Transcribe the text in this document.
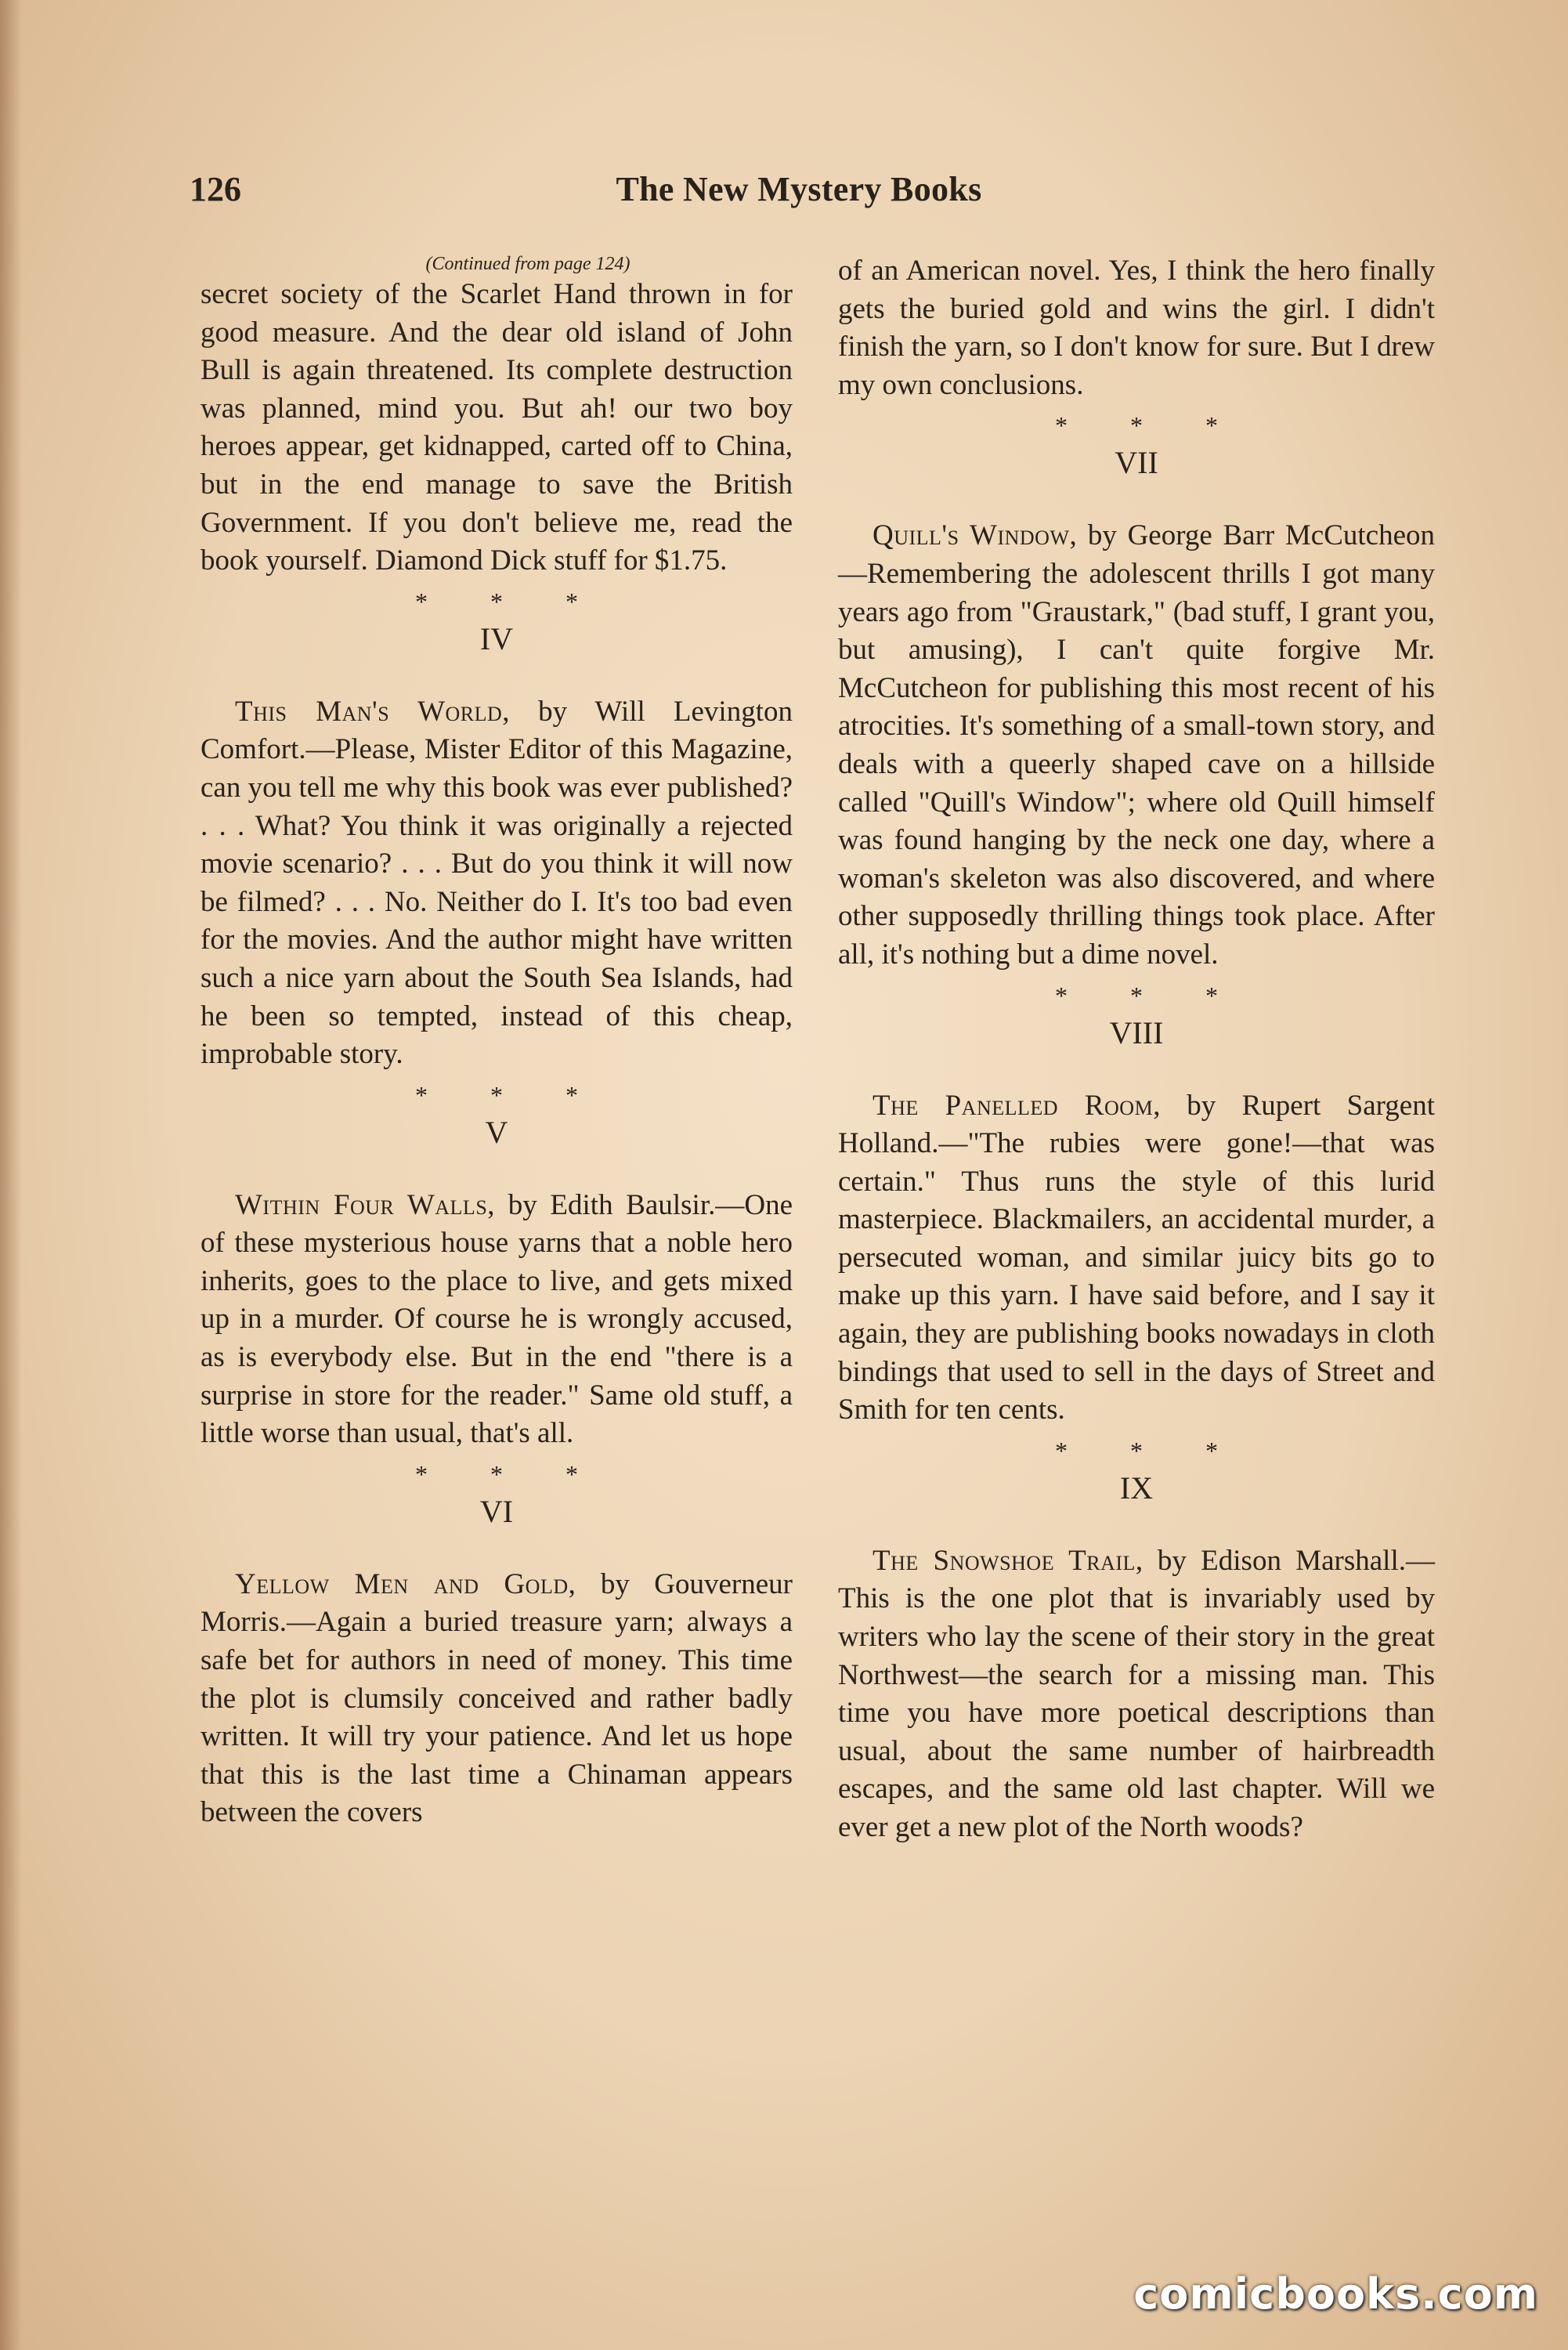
126	The New Mystery Books
(Continued from page 124)

secret society of the Scarlet Hand thrown in for good measure. And the dear old island of John Bull is again threatened. Its complete destruction was planned, mind you. But ah! our two boy heroes appear, get kidnapped, carted off to China, but in the end manage to save the British Government. If you don't believe me, read the book yourself. Diamond Dick stuff for $1.75.

* * *
IV

This Man's World, by Will Levington Comfort.—Please, Mister Editor of this Magazine, can you tell me why this book was ever published? . . . What? You think it was originally a rejected movie scenario? . . . But do you think it will now be filmed? . . . No. Neither do I. It's too bad even for the movies. And the author might have written such a nice yarn about the South Sea Islands, had he been so tempted, instead of this cheap, improbable story.

* * *
V

Within Four Walls, by Edith Baulsir.—One of these mysterious house yarns that a noble hero inherits, goes to the place to live, and gets mixed up in a murder. Of course he is wrongly accused, as is everybody else. But in the end "there is a surprise in store for the reader." Same old stuff, a little worse than usual, that's all.

* * *
VI

Yellow Men and Gold, by Gouverneur Morris.—Again a buried treasure yarn; always a safe bet for authors in need of money. This time the plot is clumsily conceived and rather badly written. It will try your patience. And let us hope that this is the last time a Chinaman appears between the covers

of an American novel. Yes, I think the hero finally gets the buried gold and wins the girl. I didn't finish the yarn, so I don't know for sure. But I drew my own conclusions.

* * *
VII

Quill's Window, by George Barr McCutcheon—Remembering the adolescent thrills I got many years ago from "Graustark," (bad stuff, I grant you, but amusing), I can't quite forgive Mr. McCutcheon for publishing this most recent of his atrocities. It's something of a small-town story, and deals with a queerly shaped cave on a hillside called "Quill's Window"; where old Quill himself was found hanging by the neck one day, where a woman's skeleton was also discovered, and where other supposedly thrilling things took place. After all, it's nothing but a dime novel.

* * *
VIII

The Panelled Room, by Rupert Sargent Holland.—"The rubies were gone!—that was certain." Thus runs the style of this lurid masterpiece. Blackmailers, an accidental murder, a persecuted woman, and similar juicy bits go to make up this yarn. I have said before, and I say it again, they are publishing books nowadays in cloth bindings that used to sell in the days of Street and Smith for ten cents.

* * *
IX

The Snowshoe Trail, by Edison Marshall.—This is the one plot that is invariably used by writers who lay the scene of their story in the great Northwest—the search for a missing man. This time you have more poetical descriptions than usual, about the same number of hairbreadth escapes, and the same old last chapter. Will we ever get a new plot of the North woods?

comicbooks.com
